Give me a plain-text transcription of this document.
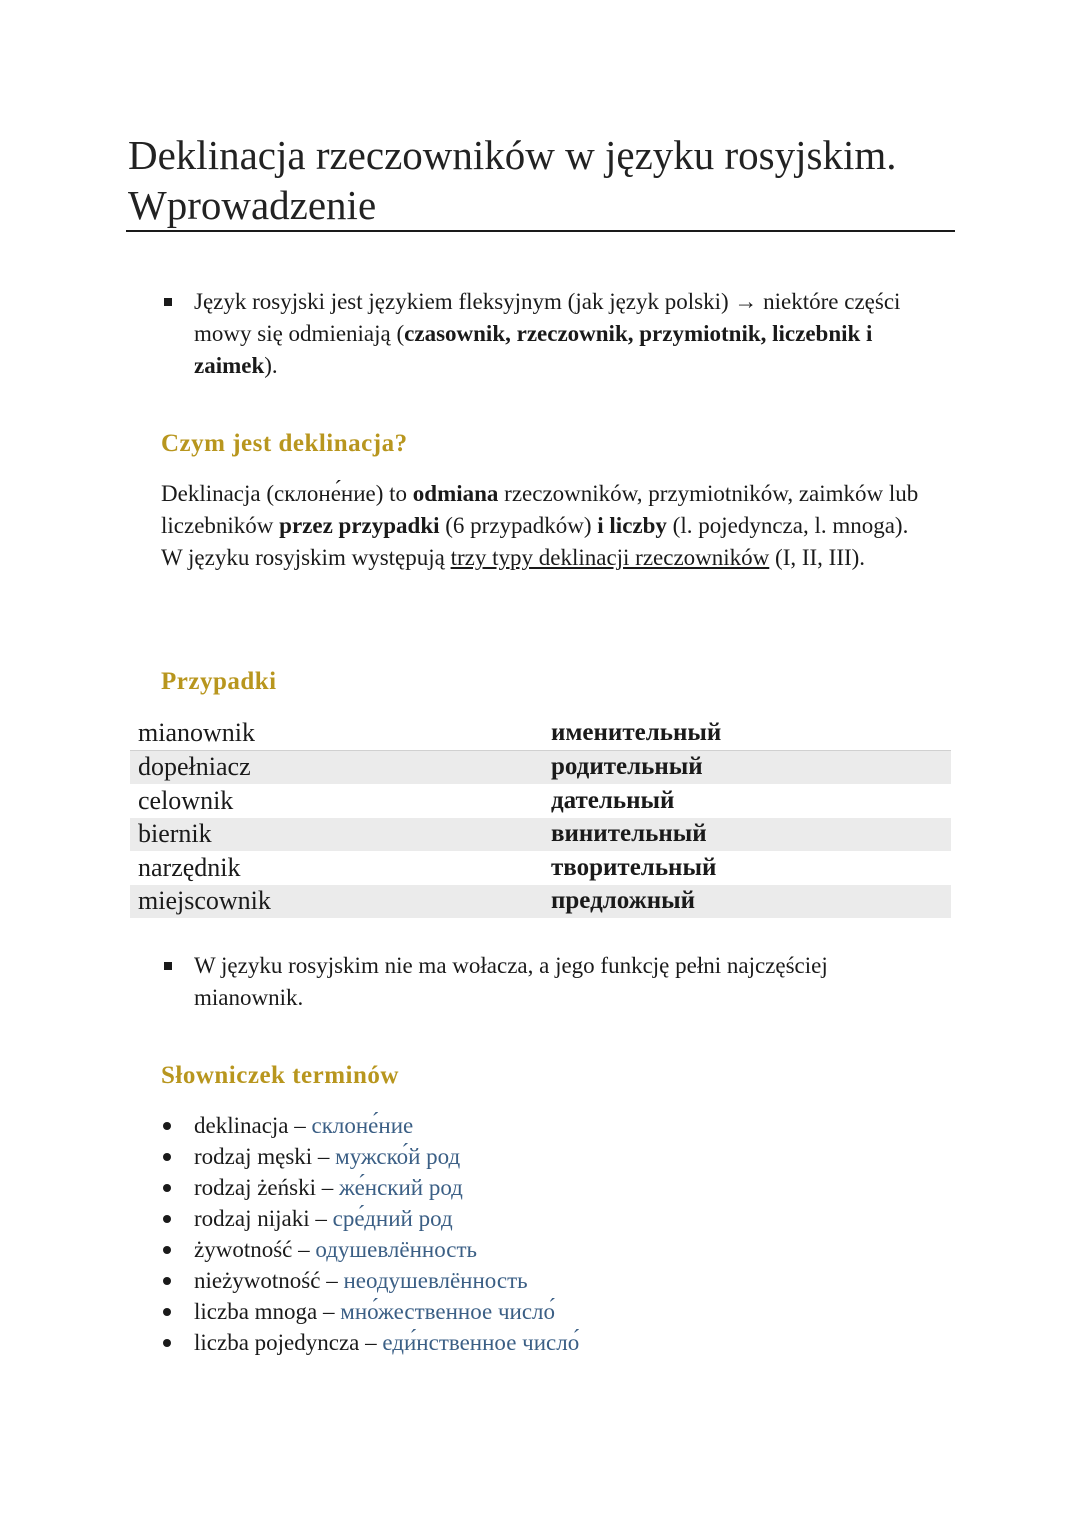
Deklinacja rzeczowników w języku rosyjskim.
Wprowadzenie
Język rosyjski jest językiem fleksyjnym (jak język polski) → niektóre części mowy się odmieniają (czasownik, rzeczownik, przymiotnik, liczebnik i zaimek).
Czym jest deklinacja?

Deklinacja (склоне́ние) to odmiana rzeczowników, przymiotników, zaimków lub liczebników przez przypadki (6 przypadków) i liczby (l. pojedyncza, l. mnoga). W języku rosyjskim występują trzy typy deklinacji rzeczowników (I, II, III).

Przypadki
mianownik	именительный
dopełniacz	родительный
celownik	дательный
biernik	винительный
narzędnik	творительный
miejscownik	предложный
W języku rosyjskim nie ma wołacza, a jego funkcję pełni najczęściej mianownik.
Słowniczek terminów
deklinacja – склоне́ние
rodzaj męski – мужско́й род
rodzaj żeński – же́нский род
rodzaj nijaki – сре́дний род
żywotność – одушевлённость
nieżywotność – неодушевлённость
liczba mnoga – мно́жественное число́
liczba pojedyncza – еди́нственное число́
